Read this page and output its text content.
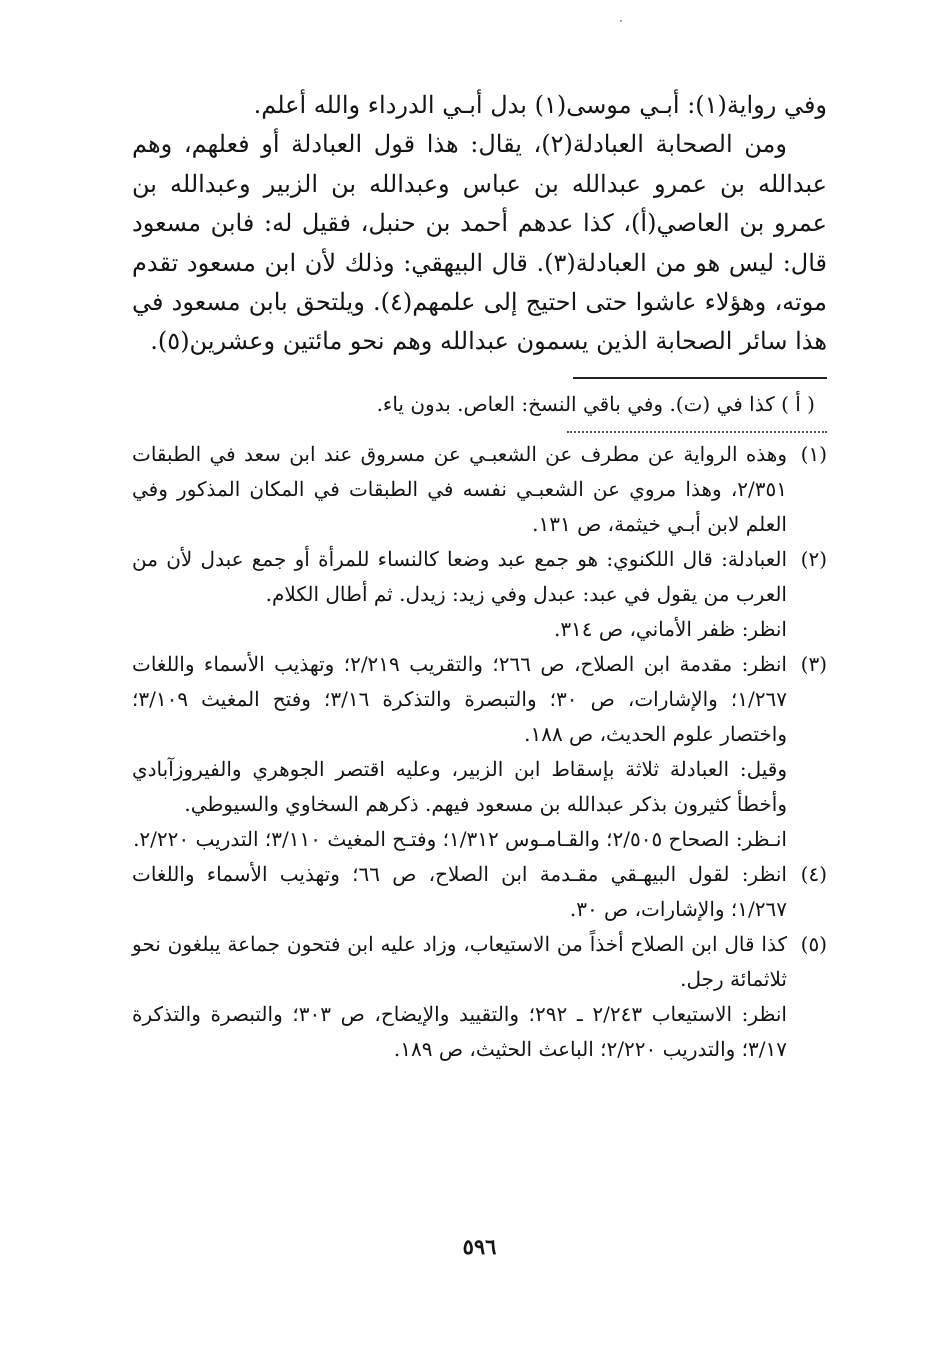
وفي رواية(١): أبـي موسى(١) بدل أبـي الدرداء والله أعلم.

ومن الصحابة العبادلة(٢)، يقال: هذا قول العبادلة أو فعلهم، وهم عبدالله بن عمرو عبدالله بن عباس وعبدالله بن الزبير وعبدالله بن عمرو بن العاصي(أ)، كذا عدهم أحمد بن حنبل، فقيل له: فابن مسعود قال: ليس هو من العبادلة(٣). قال البيهقي: وذلك لأن ابن مسعود تقدم موته، وهؤلاء عاشوا حتى احتيج إلى علمهم(٤). ويلتحق بابن مسعود في هذا سائر الصحابة الذين يسمون عبدالله وهم نحو مائتين وعشرين(٥).

( أ ) كذا في (ت). وفي باقي النسخ: العاص. بدون ياء.

(١)

وهذه الرواية عن مطرف عن الشعبـي عن مسروق عند ابن سعد في الطبقات ٢/٣٥١، وهذا مروي عن الشعبـي نفسه في الطبقات في المكان المذكور وفي العلم لابن أبـي خيثمة، ص ١٣١.

(٢)

العبادلة: قال اللكنوي: هو جمع عبد وضعا كالنساء للمرأة أو جمع عبدل لأن من العرب من يقول في عبد: عبدل وفي زيد: زيدل. ثم أطال الكلام.

انظر: ظفر الأماني، ص ٣١٤.

(٣)

انظر: مقدمة ابن الصلاح، ص ٢٦٦؛ والتقريب ٢/٢١٩؛ وتهذيب الأسماء واللغات ١/٢٦٧؛ والإشارات، ص ٣٠؛ والتبصرة والتذكرة ٣/١٦؛ وفتح المغيث ٣/١٠٩؛ واختصار علوم الحديث، ص ١٨٨.

وقيل: العبادلة ثلاثة بإسقاط ابن الزبير، وعليه اقتصر الجوهري والفيروزآبادي وأخطأ كثيرون بذكر عبدالله بن مسعود فيهم. ذكرهم السخاوي والسيوطي.

انـظر: الصحاح ٢/٥٠٥؛ والقـامـوس ١/٣١٢؛ وفتـح المغيث ٣/١١٠؛ التدريب ٢/٢٢٠.

(٤)

انظر: لقول البيهـقي مقـدمة ابن الصلاح، ص ٦٦؛ وتهذيب الأسماء واللغات ١/٢٦٧؛ والإشارات، ص ٣٠.

(٥)

كذا قال ابن الصلاح أخذاً من الاستيعاب، وزاد عليه ابن فتحون جماعة يبلغون نحو ثلاثمائة رجل.

انظر: الاستيعاب ٢/٢٤٣ ـ ٢٩٢؛ والتقييد والإيضاح، ص ٣٠٣؛ والتبصرة والتذكرة ٣/١٧؛ والتدريب ٢/٢٢٠؛ الباعث الحثيث، ص ١٨٩.

٥٩٦
